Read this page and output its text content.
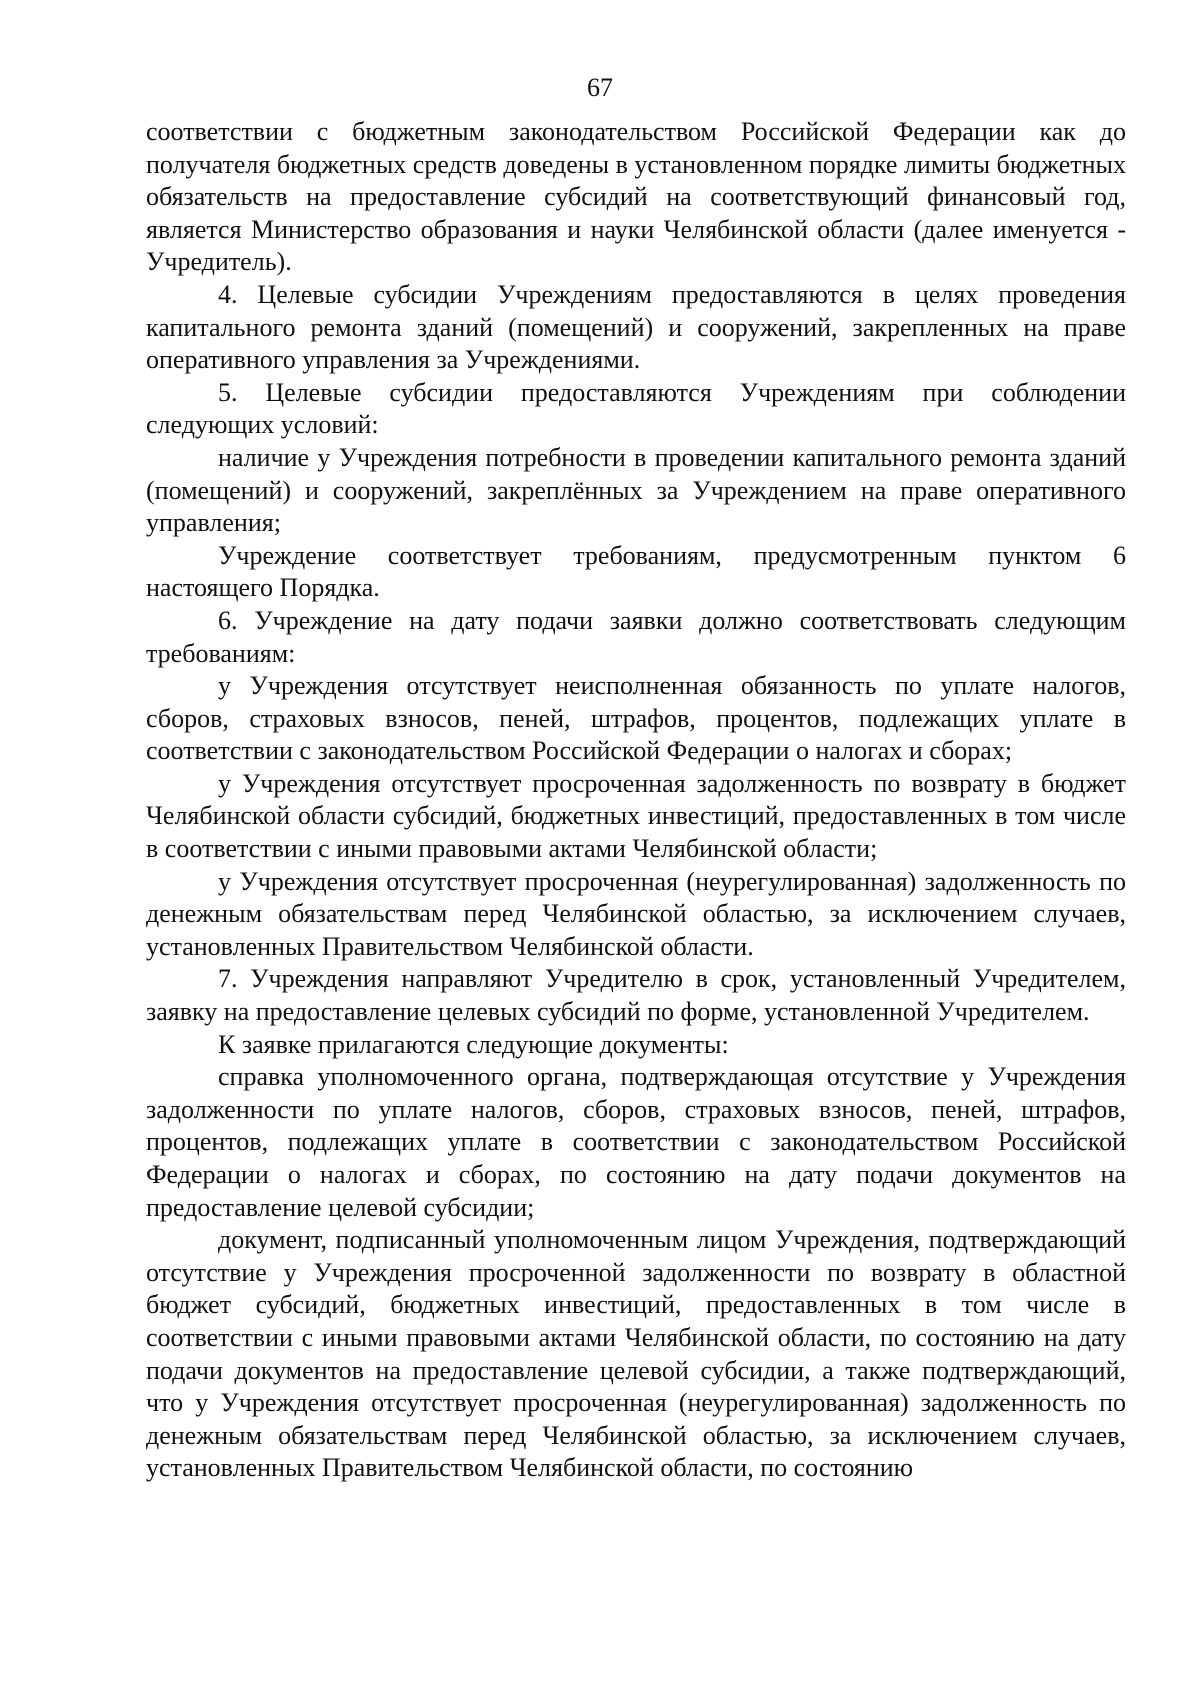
67

соответствии с бюджетным законодательством Российской Федерации как до получателя бюджетных средств доведены в установленном порядке лимиты бюджетных обязательств на предоставление субсидий на соответствующий финансовый год, является Министерство образования и науки Челябинской области (далее именуется - Учредитель).

4. Целевые субсидии Учреждениям предоставляются в целях проведения капитального ремонта зданий (помещений) и сооружений, закрепленных на праве оперативного управления за Учреждениями.

5. Целевые субсидии предоставляются Учреждениям при соблюдении следующих условий:

наличие у Учреждения потребности в проведении капитального ремонта зданий (помещений) и сооружений, закреплённых за Учреждением на праве оперативного управления;

Учреждение соответствует требованиям, предусмотренным пунктом 6 настоящего Порядка.

6. Учреждение на дату подачи заявки должно соответствовать следующим требованиям:

у Учреждения отсутствует неисполненная обязанность по уплате налогов, сборов, страховых взносов, пеней, штрафов, процентов, подлежащих уплате в соответствии с законодательством Российской Федерации о налогах и сборах;

у Учреждения отсутствует просроченная задолженность по возврату в бюджет Челябинской области субсидий, бюджетных инвестиций, предоставленных в том числе в соответствии с иными правовыми актами Челябинской области;

у Учреждения отсутствует просроченная (неурегулированная) задолженность по денежным обязательствам перед Челябинской областью, за исключением случаев, установленных Правительством Челябинской области.

7. Учреждения направляют Учредителю в срок, установленный Учредителем, заявку на предоставление целевых субсидий по форме, установленной Учредителем.

К заявке прилагаются следующие документы:

справка уполномоченного органа, подтверждающая отсутствие у Учреждения задолженности по уплате налогов, сборов, страховых взносов, пеней, штрафов, процентов, подлежащих уплате в соответствии с законодательством Российской Федерации о налогах и сборах, по состоянию на дату подачи документов на предоставление целевой субсидии;

документ, подписанный уполномоченным лицом Учреждения, подтверждающий отсутствие у Учреждения просроченной задолженности по возврату в областной бюджет субсидий, бюджетных инвестиций, предоставленных в том числе в соответствии с иными правовыми актами Челябинской области, по состоянию на дату подачи документов на предоставление целевой субсидии, а также подтверждающий, что у Учреждения отсутствует просроченная (неурегулированная) задолженность по денежным обязательствам перед Челябинской областью, за исключением случаев, установленных Правительством Челябинской области, по состоянию
